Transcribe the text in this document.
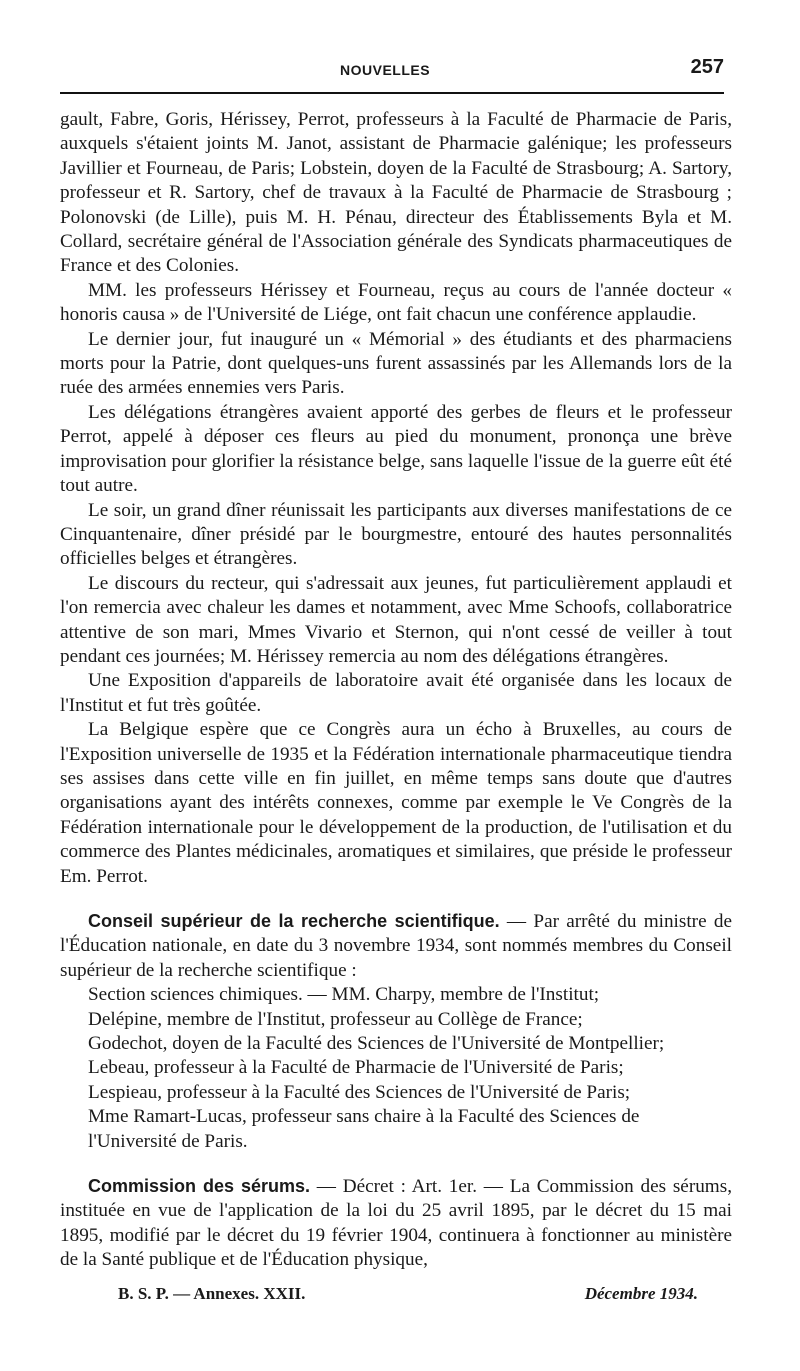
NOUVELLES	257

gault, Fabre, Goris, Hérissey, Perrot, professeurs à la Faculté de Pharmacie de Paris, auxquels s'étaient joints M. Janot, assistant de Pharmacie galénique; les professeurs Javillier et Fourneau, de Paris; Lobstein, doyen de la Faculté de Strasbourg; A. Sartory, professeur et R. Sartory, chef de travaux à la Faculté de Pharmacie de Strasbourg ; Polonovski (de Lille), puis M. H. Pénau, directeur des Établissements Byla et M. Collard, secrétaire général de l'Association générale des Syndicats pharmaceutiques de France et des Colonies.

MM. les professeurs Hérissey et Fourneau, reçus au cours de l'année docteur « honoris causa » de l'Université de Liége, ont fait chacun une conférence applaudie.

Le dernier jour, fut inauguré un « Mémorial » des étudiants et des pharmaciens morts pour la Patrie, dont quelques-uns furent assassinés par les Allemands lors de la ruée des armées ennemies vers Paris.

Les délégations étrangères avaient apporté des gerbes de fleurs et le professeur Perrot, appelé à déposer ces fleurs au pied du monument, prononça une brève improvisation pour glorifier la résistance belge, sans laquelle l'issue de la guerre eût été tout autre.

Le soir, un grand dîner réunissait les participants aux diverses manifestations de ce Cinquantenaire, dîner présidé par le bourgmestre, entouré des hautes personnalités officielles belges et étrangères.

Le discours du recteur, qui s'adressait aux jeunes, fut particulièrement applaudi et l'on remercia avec chaleur les dames et notamment, avec Mme Schoofs, collaboratrice attentive de son mari, Mmes Vivario et Sternon, qui n'ont cessé de veiller à tout pendant ces journées; M. Hérissey remercia au nom des délégations étrangères.

Une Exposition d'appareils de laboratoire avait été organisée dans les locaux de l'Institut et fut très goûtée.

La Belgique espère que ce Congrès aura un écho à Bruxelles, au cours de l'Exposition universelle de 1935 et la Fédération internationale pharmaceutique tiendra ses assises dans cette ville en fin juillet, en même temps sans doute que d'autres organisations ayant des intérêts connexes, comme par exemple le Ve Congrès de la Fédération internationale pour le développement de la production, de l'utilisation et du commerce des Plantes médicinales, aromatiques et similaires, que préside le professeur Em. Perrot.

Conseil supérieur de la recherche scientifique. — Par arrêté du ministre de l'Éducation nationale, en date du 3 novembre 1934, sont nommés membres du Conseil supérieur de la recherche scientifique :

Section sciences chimiques. — MM. Charpy, membre de l'Institut;

Delépine, membre de l'Institut, professeur au Collège de France;

Godechot, doyen de la Faculté des Sciences de l'Université de Montpellier;

Lebeau, professeur à la Faculté de Pharmacie de l'Université de Paris;

Lespieau, professeur à la Faculté des Sciences de l'Université de Paris;

Mme Ramart-Lucas, professeur sans chaire à la Faculté des Sciences de l'Université de Paris.

Commission des sérums. — Décret : Art. 1er. — La Commission des sérums, instituée en vue de l'application de la loi du 25 avril 1895, par le décret du 15 mai 1895, modifié par le décret du 19 février 1904, continuera à fonctionner au ministère de la Santé publique et de l'Éducation physique,

B. S. P. — Annexes. XXII.	Décembre 1934.
